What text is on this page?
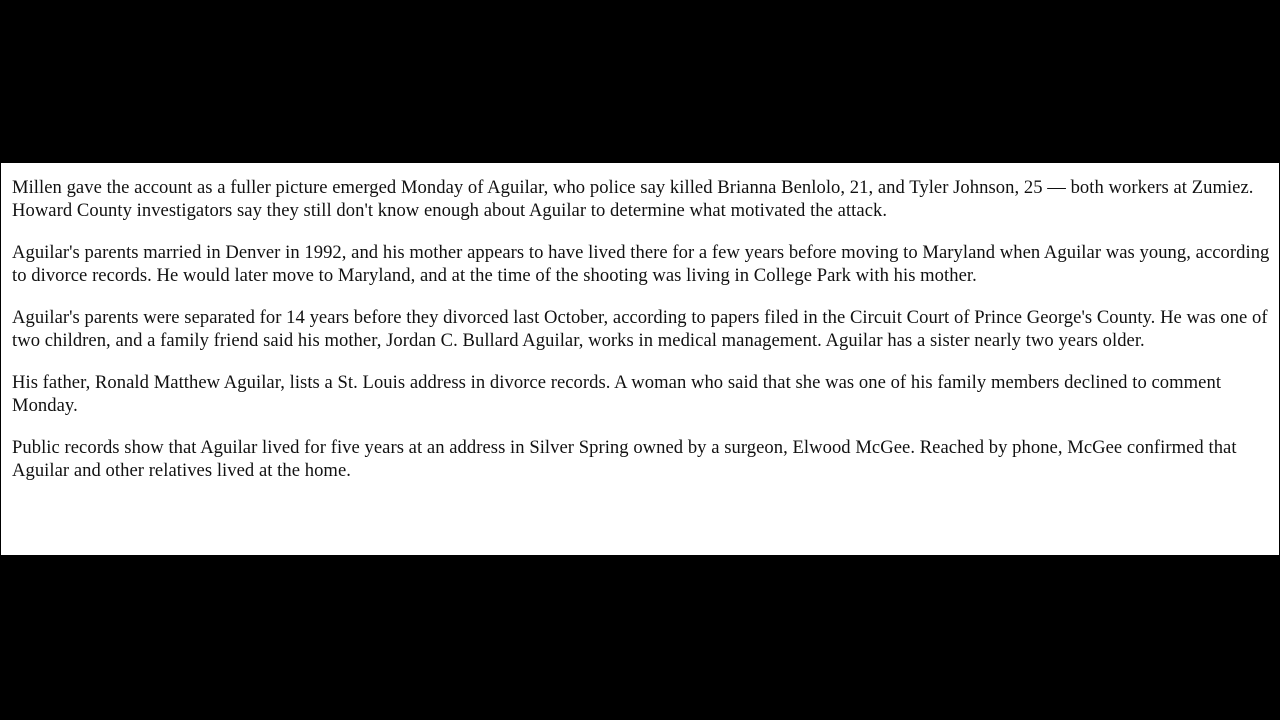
Millen gave the account as a fuller picture emerged Monday of Aguilar, who police say killed Brianna Benlolo, 21, and Tyler Johnson, 25 — both workers at Zumiez. Howard County investigators say they still don't know enough about Aguilar to determine what motivated the attack.

Aguilar's parents married in Denver in 1992, and his mother appears to have lived there for a few years before moving to Maryland when Aguilar was young, according to divorce records. He would later move to Maryland, and at the time of the shooting was living in College Park with his mother.

Aguilar's parents were separated for 14 years before they divorced last October, according to papers filed in the Circuit Court of Prince George's County. He was one of two children, and a family friend said his mother, Jordan C. Bullard Aguilar, works in medical management. Aguilar has a sister nearly two years older.

His father, Ronald Matthew Aguilar, lists a St. Louis address in divorce records. A woman who said that she was one of his family members declined to comment Monday.

Public records show that Aguilar lived for five years at an address in Silver Spring owned by a surgeon, Elwood McGee. Reached by phone, McGee confirmed that Aguilar and other relatives lived at the home.
